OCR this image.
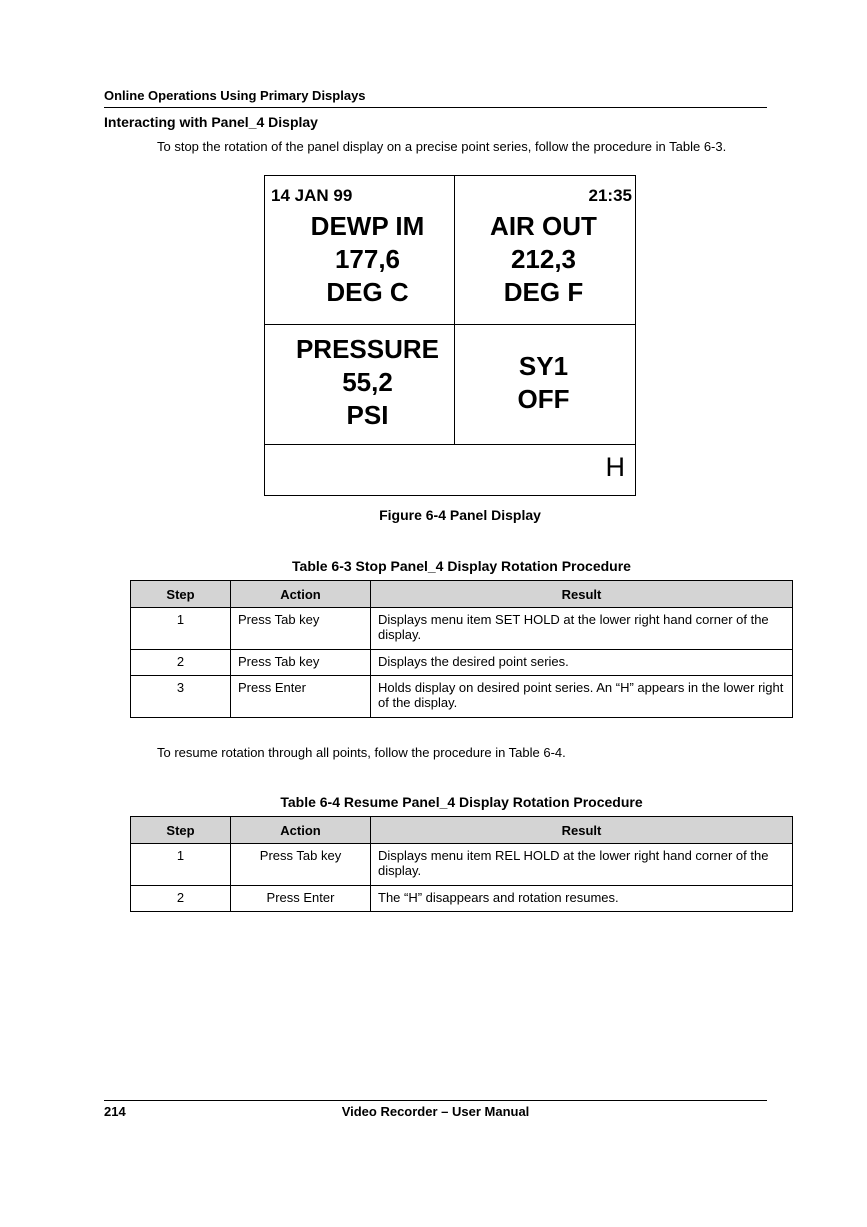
Online Operations Using Primary Displays
Interacting with Panel_4 Display
To stop the rotation of the panel display on a precise point series, follow the procedure in Table 6-3.
14 JAN 99	21:35
DEWP IM
177,6
DEG C
AIR OUT
212,3
DEG F
PRESSURE
55,2
PSI
SY1
OFF
H
Figure 6-4 Panel Display
Table 6-3 Stop Panel_4 Display Rotation Procedure
Step	Action	Result
1	Press Tab key	Displays menu item SET HOLD at the lower right hand corner of the display.
2	Press Tab key	Displays the desired point series.
3	Press Enter	Holds display on desired point series. An “H” appears in the lower right of the display.
To resume rotation through all points, follow the procedure in Table 6-4.
Table 6-4 Resume Panel_4 Display Rotation Procedure
Step	Action	Result
1	Press Tab key	Displays menu item REL HOLD at the lower right hand corner of the display.
2	Press Enter	The “H” disappears and rotation resumes.
214	Video Recorder – User Manual
